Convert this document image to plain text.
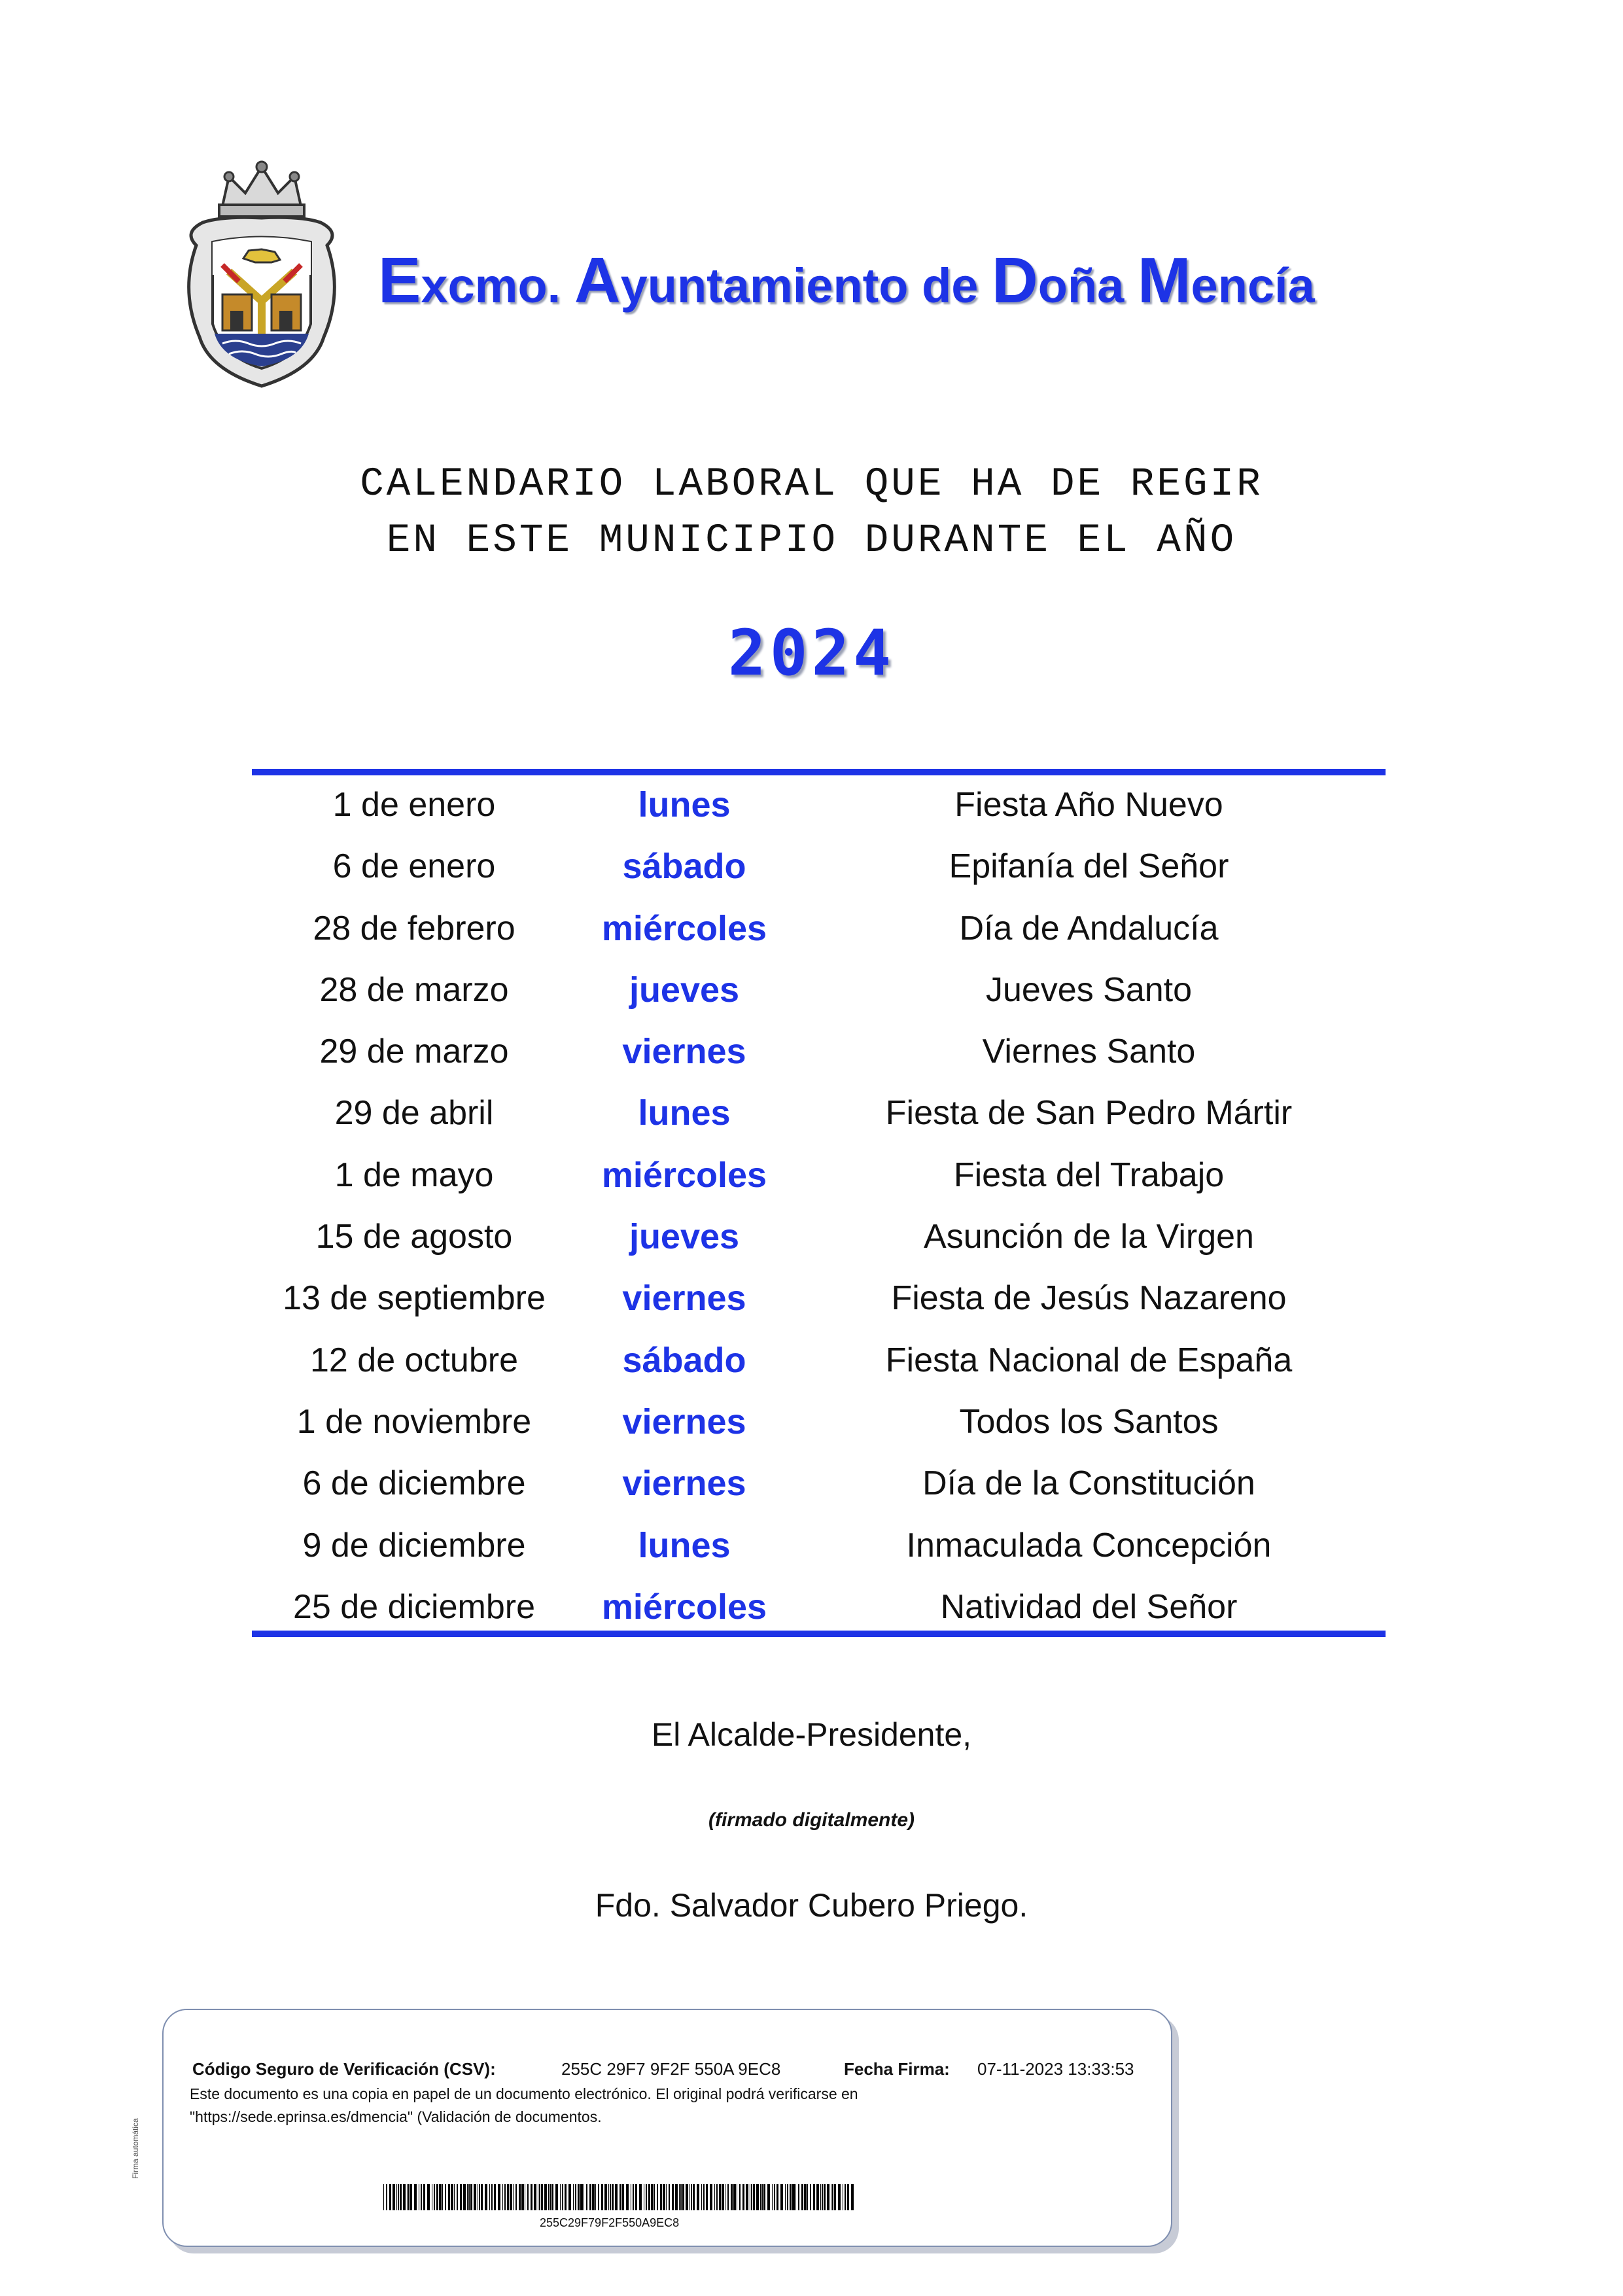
Excmo. Ayuntamiento de Doña Mencía
CALENDARIO LABORAL QUE HA DE REGIR
EN ESTE MUNICIPIO DURANTE EL AÑO
2024
1 de enero	lunes	Fiesta Año Nuevo
6 de enero	sábado	Epifanía del Señor
28 de febrero	miércoles	Día de Andalucía
28 de marzo	jueves	Jueves Santo
29 de marzo	viernes	Viernes Santo
29 de abril	lunes	Fiesta de San Pedro Mártir
1 de mayo	miércoles	Fiesta del Trabajo
15 de agosto	jueves	Asunción de la Virgen
13 de septiembre	viernes	Fiesta de Jesús Nazareno
12 de octubre	sábado	Fiesta Nacional de España
1 de noviembre	viernes	Todos los Santos
6 de diciembre	viernes	Día de la Constitución
9 de diciembre	lunes	Inmaculada Concepción
25 de diciembre	miércoles	Natividad del Señor
El Alcalde-Presidente,
(firmado digitalmente)
Fdo. Salvador Cubero Priego.
Código Seguro de Verificación (CSV):	255C 29F7 9F2F 550A 9EC8	Fecha Firma: 07-11-2023 13:33:53
Este documento es una copia en papel de un documento electrónico. El original podrá verificarse en
"https://sede.eprinsa.es/dmencia" (Validación de documentos.
255C29F79F2F550A9EC8
Firma automática
